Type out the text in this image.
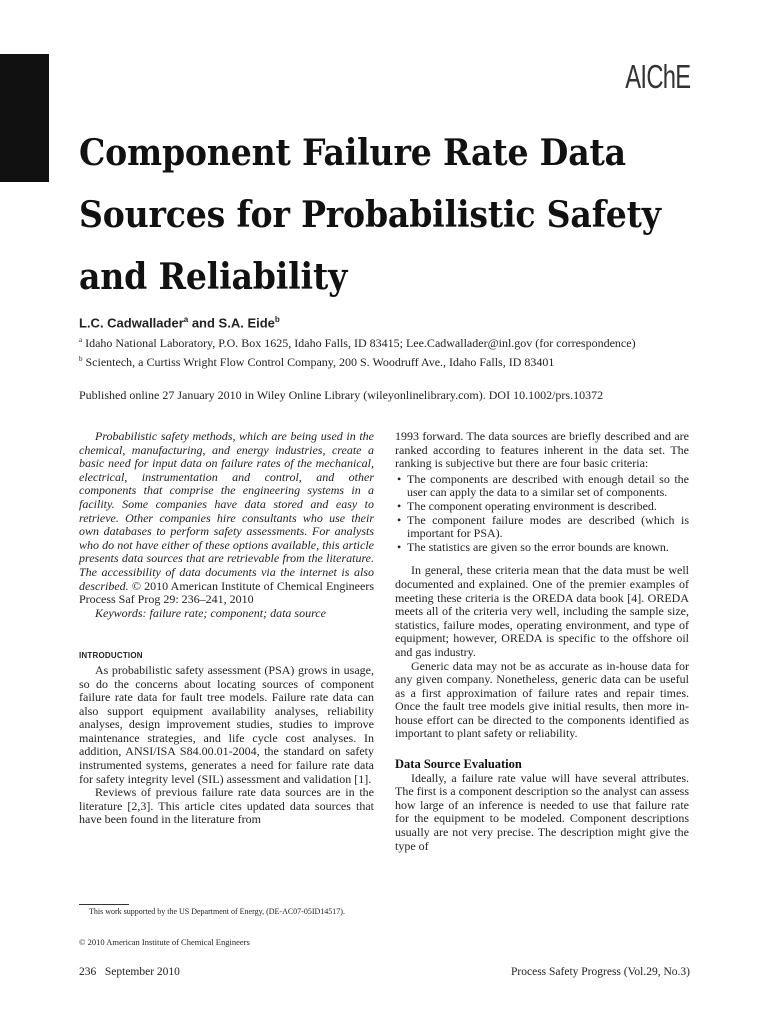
AIChE
Component Failure Rate Data Sources for Probabilistic Safety and Reliability
L.C. Cadwallader$^a$ and S.A. Eide$^b$
$^a$ Idaho National Laboratory, P.O. Box 1625, Idaho Falls, ID 83415; Lee.Cadwallader@inl.gov (for correspondence)
$^b$ Scientech, a Curtiss Wright Flow Control Company, 200 S. Woodruff Ave., Idaho Falls, ID 83401
Published online 27 January 2010 in Wiley Online Library (wileyonlinelibrary.com). DOI 10.1002/prs.10372

Probabilistic safety methods, which are being used in the chemical, manufacturing, and energy industries, create a basic need for input data on failure rates of the mechanical, electrical, instrumentation and control, and other components that comprise the engineering systems in a facility. Some companies have data stored and easy to retrieve. Other companies hire consultants who use their own databases to perform safety assessments. For analysts who do not have either of these options available, this article presents data sources that are retrievable from the literature. The accessibility of data documents via the internet is also described. © 2010 American Institute of Chemical Engineers Process Saf Prog 29: 236–241, 2010

Keywords: failure rate; component; data source

INTRODUCTION

As probabilistic safety assessment (PSA) grows in usage, so do the concerns about locating sources of component failure rate data for fault tree models. Failure rate data can also support equipment availability analyses, reliability analyses, design improvement studies, studies to improve maintenance strategies, and life cycle cost analyses. In addition, ANSI/ISA S84.00.01-2004, the standard on safety instrumented systems, generates a need for failure rate data for safety integrity level (SIL) assessment and validation [1].

Reviews of previous failure rate data sources are in the literature [2,3]. This article cites updated data sources that have been found in the literature from

1993 forward. The data sources are briefly described and are ranked according to features inherent in the data set. The ranking is subjective but there are four basic criteria:

• The components are described with enough detail so the user can apply the data to a similar set of components.
• The component operating environment is described.
• The component failure modes are described (which is important for PSA).
• The statistics are given so the error bounds are known.

In general, these criteria mean that the data must be well documented and explained. One of the premier examples of meeting these criteria is the OREDA data book [4]. OREDA meets all of the criteria very well, including the sample size, statistics, failure modes, operating environment, and type of equipment; however, OREDA is specific to the offshore oil and gas industry.

Generic data may not be as accurate as in-house data for any given company. Nonetheless, generic data can be useful as a first approximation of failure rates and repair times. Once the fault tree models give initial results, then more in-house effort can be directed to the components identified as important to plant safety or reliability.

Data Source Evaluation

Ideally, a failure rate value will have several attributes. The first is a component description so the analyst can assess how large of an inference is needed to use that failure rate for the equipment to be modeled. Component descriptions usually are not very precise. The description might give the type of

This work supported by the US Department of Energy, (DE-AC07-05ID14517).
© 2010 American Institute of Chemical Engineers
236   September 2010	Process Safety Progress (Vol.29, No.3)
